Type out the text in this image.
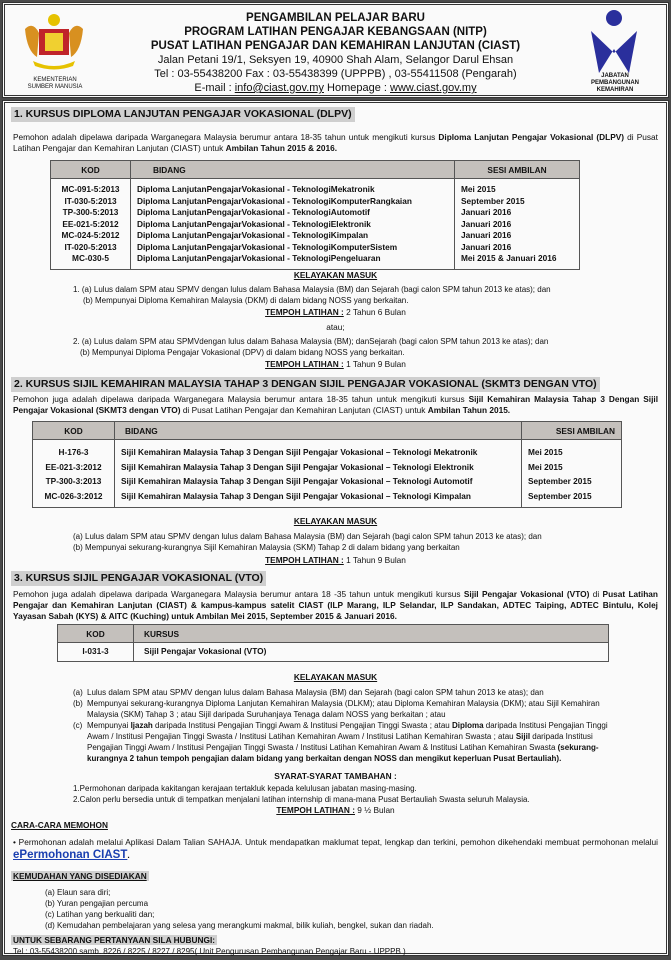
KEMENTERIAN
SUMBER MANUSIA
PENGAMBILAN PELAJAR BARU
PROGRAM LATIHAN PENGAJAR KEBANGSAAN (NITP)
PUSAT LATIHAN PENGAJAR DAN KEMAHIRAN LANJUTAN (CIAST)
Jalan Petani 19/1, Seksyen 19, 40900 Shah Alam, Selangor Darul Ehsan
Tel : 03-55438200 Fax : 03-55438399 (UPPPB) , 03-55411508 (Pengarah)
E-mail : info@ciast.gov.my Homepage : www.ciast.gov.my
JABATAN
PEMBANGUNAN
KEMAHIRAN
1. KURSUS DIPLOMA LANJUTAN PENGAJAR VOKASIONAL (DLPV)
Pemohon adalah dipelawa daripada Warganegara Malaysia berumur antara 18-35 tahun untuk mengikuti kursus Diploma Lanjutan Pengajar Vokasional (DLPV) di Pusat Latihan Pengajar dan Kemahiran Lanjutan (CIAST) untuk Ambilan Tahun 2015 & 2016.
KOD	BIDANG	SESI AMBILAN
MC-091-5:2013	Diploma LanjutanPengajarVokasional - TeknologiMekatronik	Mei 2015
IT-030-5:2013	Diploma LanjutanPengajarVokasional - TeknologiKomputerRangkaian	September 2015
TP-300-5:2013	Diploma LanjutanPengajarVokasional - TeknologiAutomotif	Januari 2016
EE-021-5:2012	Diploma LanjutanPengajarVokasional - TeknologiElektronik	Januari 2016
MC-024-5:2012	Diploma LanjutanPengajarVokasional - TeknologiKimpalan	Januari 2016
IT-020-5:2013	Diploma LanjutanPengajarVokasional - TeknologiKomputerSistem	Januari 2016
MC-030-5	Diploma LanjutanPengajarVokasional - TeknologiPengeluaran	Mei 2015 & Januari 2016
KELAYAKAN MASUK
1. (a) Lulus dalam SPM atau SPMV dengan lulus dalam Bahasa Malaysia (BM) dan Sejarah (bagi calon SPM tahun 2013 ke atas); dan
(b) Mempunyai Diploma Kemahiran Malaysia (DKM) di dalam bidang NOSS yang berkaitan.
TEMPOH LATIHAN : 2 Tahun 6 Bulan
atau;
2. (a) Lulus dalam SPM atau SPMVdengan lulus dalam Bahasa Malaysia (BM); danSejarah (bagi calon SPM tahun 2013 ke atas); dan
(b) Mempunyai Diploma Pengajar Vokasional (DPV) di dalam bidang NOSS yang berkaitan.
TEMPOH LATIHAN : 1 Tahun 9 Bulan
2. KURSUS SIJIL KEMAHIRAN MALAYSIA TAHAP 3 DENGAN SIJIL PENGAJAR VOKASIONAL (SKMT3 DENGAN VTO)
Pemohon juga adalah dipelawa daripada Warganegara Malaysia berumur antara 18-35 tahun untuk mengikuti kursus Sijil Kemahiran Malaysia Tahap 3 Dengan Sijil Pengajar Vokasional (SKMT3 dengan VTO) di Pusat Latihan Pengajar dan Kemahiran Lanjutan (CIAST) untuk Ambilan Tahun 2015.
KOD	BIDANG	SESI AMBILAN
H-176-3	Sijil Kemahiran Malaysia Tahap 3 Dengan Sijil Pengajar Vokasional – Teknologi Mekatronik	Mei 2015
EE-021-3:2012	Sijil Kemahiran Malaysia Tahap 3 Dengan Sijil Pengajar Vokasional – Teknologi Elektronik	Mei 2015
TP-300-3:2013	Sijil Kemahiran Malaysia Tahap 3 Dengan Sijil Pengajar Vokasional – Teknologi Automotif	September 2015
MC-026-3:2012	Sijil Kemahiran Malaysia Tahap 3 Dengan Sijil Pengajar Vokasional – Teknologi Kimpalan	September 2015
KELAYAKAN MASUK
(a) Lulus dalam SPM atau SPMV dengan lulus dalam Bahasa Malaysia (BM) dan Sejarah (bagi calon SPM tahun 2013 ke atas); dan
(b) Mempunyai sekurang-kurangnya Sijil Kemahiran Malaysia (SKM) Tahap 2 di dalam bidang yang berkaitan
TEMPOH LATIHAN : 1 Tahun 9 Bulan
3. KURSUS SIJIL PENGAJAR VOKASIONAL (VTO)
Pemohon juga adalah dipelawa daripada Warganegara Malaysia berumur antara 18 -35 tahun untuk mengikuti kursus Sijil Pengajar Vokasional (VTO) di Pusat Latihan Pengajar dan Kemahiran Lanjutan (CIAST) & kampus-kampus satelit CIAST (ILP Marang, ILP Selandar, ILP Sandakan, ADTEC Taiping, ADTEC Bintulu, Kolej Yayasan Sabah (KYS) & AITC (Kuching) untuk Ambilan Mei 2015, September 2015 & Januari 2016.
KOD	KURSUS
I-031-3	Sijil Pengajar Vokasional (VTO)
KELAYAKAN MASUK
(a) Lulus dalam SPM atau SPMV dengan lulus dalam Bahasa Malaysia (BM) dan Sejarah (bagi calon SPM tahun 2013 ke atas); dan
(b) Mempunyai sekurang-kurangnya Diploma Lanjutan Kemahiran Malaysia (DLKM); atau Diploma Kemahiran Malaysia (DKM); atau Sijil Kemahiran Malaysia (SKM) Tahap 3 ; atau Sijil daripada Suruhanjaya Tenaga dalam NOSS yang berkaitan ; atau
(c) Mempunyai Ijazah daripada Institusi Pengajian Tinggi Awam & Institusi Pengajian Tinggi Swasta ; atau Diploma daripada Institusi Pengajian Tinggi Awam / Institusi Pengajian Tinggi Swasta / Institusi Latihan Kemahiran Awam / Institusi Latihan Kemahiran Swasta ; atau Sijil daripada Institusi Pengajian Tinggi Awam / Institusi Pengajian Tinggi Swasta / Institusi Latihan Kemahiran Awam & Institusi Latihan Kemahiran Swasta (sekurang-kurangnya 2 tahun tempoh pengajian dalam bidang yang berkaitan dengan NOSS dan mengikut keperluan Pusat Bertauliah).
SYARAT-SYARAT TAMBAHAN :
1.Permohonan daripada kakitangan kerajaan tertakluk kepada kelulusan jabatan masing-masing.
2.Calon perlu bersedia untuk di tempatkan menjalani latihan internship di mana-mana Pusat Bertauliah Swasta seluruh Malaysia.
TEMPOH LATIHAN : 9 ½ Bulan
CARA-CARA MEMOHON
• Permohonan adalah melalui Aplikasi Dalam Talian SAHAJA. Untuk mendapatkan maklumat tepat, lengkap dan terkini, pemohon dikehendaki membuat permohonan melalui ePermohonan CIAST.
KEMUDAHAN YANG DISEDIAKAN
(a) Elaun sara diri;
(b) Yuran pengajian percuma
(c) Latihan yang berkualiti dan;
(d) Kemudahan pembelajaran yang selesa yang merangkumi makmal, bilik kuliah, bengkel, sukan dan riadah.
UNTUK SEBARANG PERTANYAAN SILA HUBUNGI:
Tel : 03-55438200 samb. 8226 / 8225 / 8227 / 8295( Unit Pengurusan Pembangunan Pengajar Baru - UPPPB )
